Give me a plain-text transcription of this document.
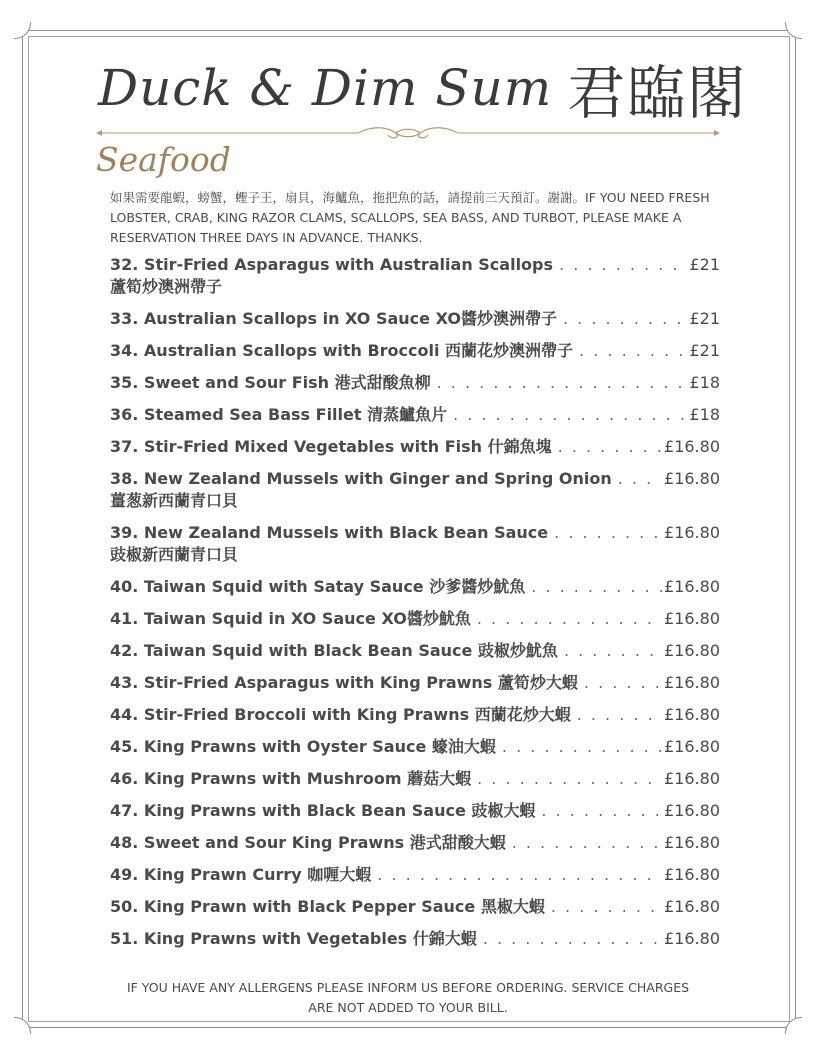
Duck & Dim Sum 君臨閣
Seafood
如果需要龍蝦，螃蟹，蟶子王，扇貝，海鱸魚，拖把魚的話，請提前三天預訂。謝謝。IF YOU NEED FRESH LOBSTER, CRAB, KING RAZOR CLAMS, SCALLOPS, SEA BASS, AND TURBOT, PLEASE MAKE A RESERVATION THREE DAYS IN ADVANCE. THANKS.
32. Stir-Fried Asparagus with Australian Scallops . . .	£21
蘆筍炒澳洲帶子
33. Australian Scallops in XO Sauce XO醬炒澳洲帶子 . . .	£21
34. Australian Scallops with Broccoli 西蘭花炒澳洲帶子 . . .	£21
35. Sweet and Sour Fish 港式甜酸魚柳 . . .	£18
36. Steamed Sea Bass Fillet 清蒸鱸魚片 . . .	£18
37. Stir-Fried Mixed Vegetables with Fish 什錦魚塊 . . .	£16.80
38. New Zealand Mussels with Ginger and Spring Onion . . .	£16.80
薑葱新西蘭青口貝
39. New Zealand Mussels with Black Bean Sauce . . .	£16.80
豉椒新西蘭青口貝
40. Taiwan Squid with Satay Sauce 沙爹醬炒魷魚 . . .	£16.80
41. Taiwan Squid in XO Sauce XO醬炒魷魚 . . .	£16.80
42. Taiwan Squid with Black Bean Sauce 豉椒炒魷魚 . . .	£16.80
43. Stir-Fried Asparagus with King Prawns 蘆筍炒大蝦 . . .	£16.80
44. Stir-Fried Broccoli with King Prawns 西蘭花炒大蝦 . . .	£16.80
45. King Prawns with Oyster Sauce 蠔油大蝦 . . .	£16.80
46. King Prawns with Mushroom 蘑菇大蝦 . . .	£16.80
47. King Prawns with Black Bean Sauce 豉椒大蝦 . . .	£16.80
48. Sweet and Sour King Prawns 港式甜酸大蝦 . . .	£16.80
49. King Prawn Curry 咖喱大蝦 . . .	£16.80
50. King Prawn with Black Pepper Sauce 黑椒大蝦 . . .	£16.80
51. King Prawns with Vegetables 什錦大蝦 . . .	£16.80
IF YOU HAVE ANY ALLERGENS PLEASE INFORM US BEFORE ORDERING. SERVICE CHARGES ARE NOT ADDED TO YOUR BILL.
